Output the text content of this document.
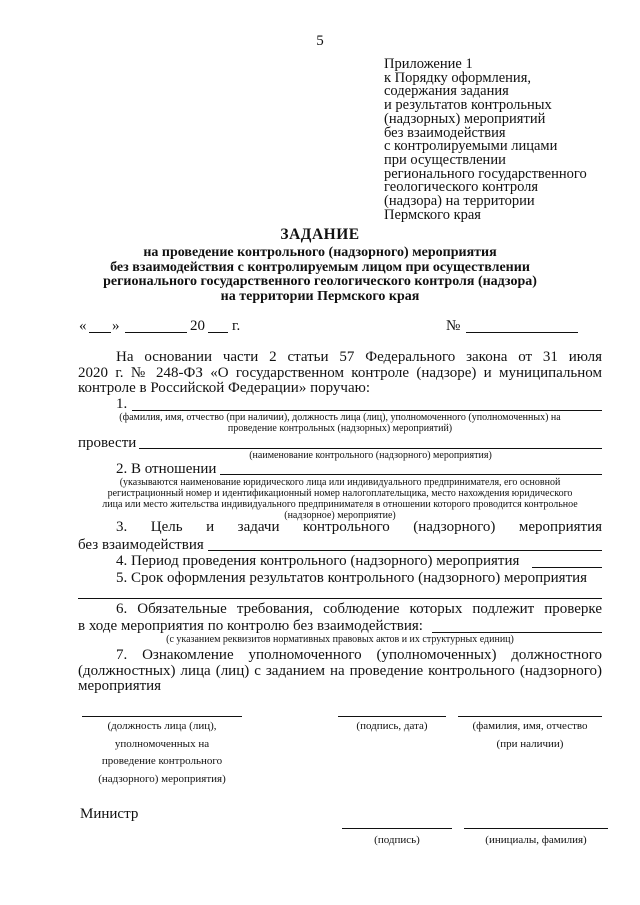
5
Приложение 1
к Порядку оформления,
содержания задания
и результатов контрольных
(надзорных) мероприятий
без взаимодействия
с контролируемыми лицами
при осуществлении
регионального государственного
геологического контроля
(надзора) на территории
Пермского края
ЗАДАНИЕ
на проведение контрольного (надзорного) мероприятия
без взаимодействия с контролируемым лицом при осуществлении
регионального государственного геологического контроля (надзора)
на территории Пермского края
« »	20 г.	№
На основании части 2 статьи 57 Федерального закона от 31 июля
2020 г. № 248-ФЗ «О государственном контроле (надзоре) и муниципальном
контроле в Российской Федерации» поручаю:
1.
(фамилия, имя, отчество (при наличии), должность лица (лиц), уполномоченного (уполномоченных) на
проведение контрольных (надзорных) мероприятий)
провести
(наименование контрольного (надзорного) мероприятия)
2. В отношении
(указываются наименование юридического лица или индивидуального предпринимателя, его основной
регистрационный номер и идентификационный номер налогоплательщика, место нахождения юридического
лица или место жительства индивидуального предпринимателя в отношении которого проводится контрольное
(надзорное) мероприятие)
3. Цель и задачи контрольного (надзорного) мероприятия
без взаимодействия
4. Период проведения контрольного (надзорного) мероприятия
5. Срок оформления результатов контрольного (надзорного) мероприятия
6. Обязательные требования, соблюдение которых подлежит проверке
в ходе мероприятия по контролю без взаимодействия:
(с указанием реквизитов нормативных правовых актов и их структурных единиц)
7. Ознакомление уполномоченного (уполномоченных) должностного
(должностных) лица (лиц) с заданием на проведение контрольного (надзорного)
мероприятия
(должность лица (лиц),
уполномоченных на
проведение контрольного
(надзорного) мероприятия)
(подпись, дата)	(фамилия, имя, отчество
(при наличии)
Министр
(подпись)	(инициалы, фамилия)
